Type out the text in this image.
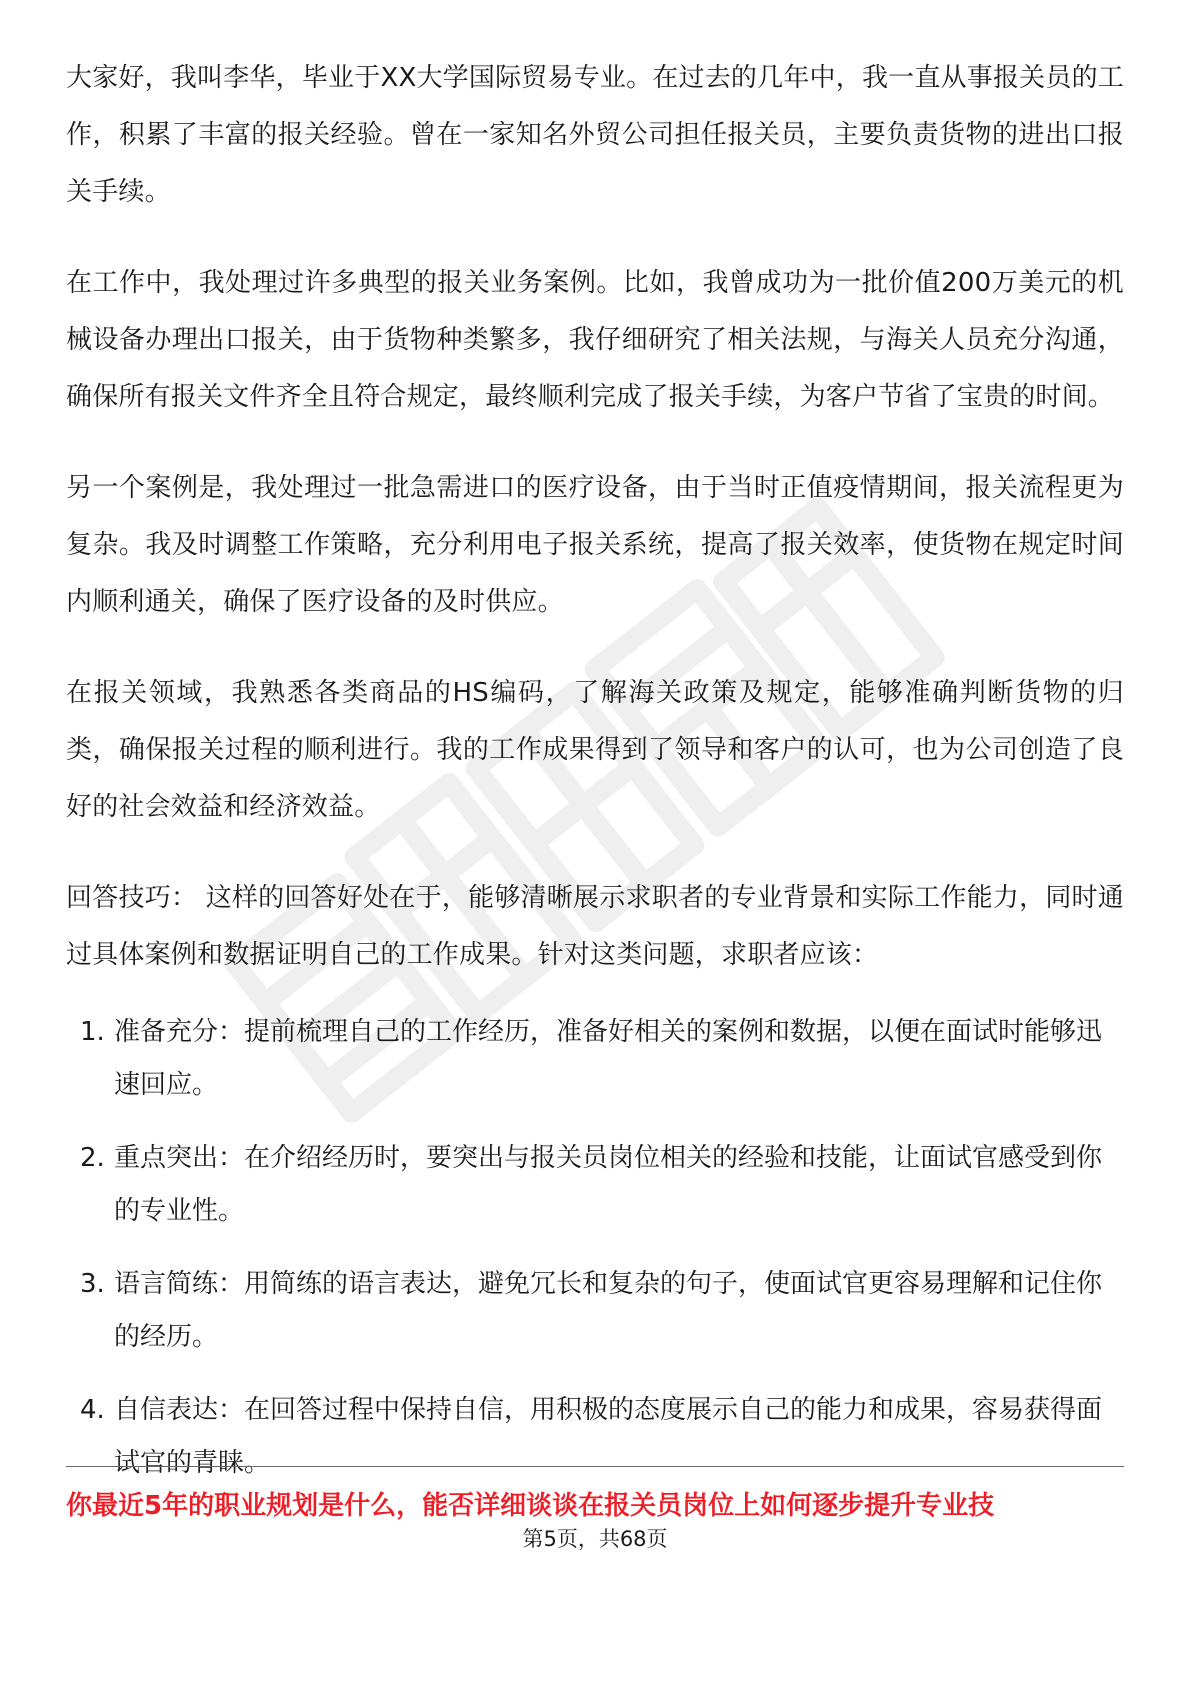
大家好，我叫李华，毕业于XX大学国际贸易专业。在过去的几年中，我一直从事报关员的工作，积累了丰富的报关经验。曾在一家知名外贸公司担任报关员，主要负责货物的进出口报关手续。

在工作中，我处理过许多典型的报关业务案例。比如，我曾成功为一批价值200万美元的机械设备办理出口报关，由于货物种类繁多，我仔细研究了相关法规，与海关人员充分沟通，确保所有报关文件齐全且符合规定，最终顺利完成了报关手续，为客户节省了宝贵的时间。

另一个案例是，我处理过一批急需进口的医疗设备，由于当时正值疫情期间，报关流程更为复杂。我及时调整工作策略，充分利用电子报关系统，提高了报关效率，使货物在规定时间内顺利通关，确保了医疗设备的及时供应。

在报关领域，我熟悉各类商品的HS编码，了解海关政策及规定，能够准确判断货物的归类，确保报关过程的顺利进行。我的工作成果得到了领导和客户的认可，也为公司创造了良好的社会效益和经济效益。

回答技巧： 这样的回答好处在于，能够清晰展示求职者的专业背景和实际工作能力，同时通过具体案例和数据证明自己的工作成果。针对这类问题，求职者应该：

1. 准备充分：提前梳理自己的工作经历，准备好相关的案例和数据，以便在面试时能够迅速回应。
2. 重点突出：在介绍经历时，要突出与报关员岗位相关的经验和技能，让面试官感受到你的专业性。
3. 语言简练：用简练的语言表达，避免冗长和复杂的句子，使面试官更容易理解和记住你的经历。
4. 自信表达：在回答过程中保持自信，用积极的态度展示自己的能力和成果，容易获得面试官的青睐。
你最近5年的职业规划是什么，能否详细谈谈在报关员岗位上如何逐步提升专业技
第5页，共68页
